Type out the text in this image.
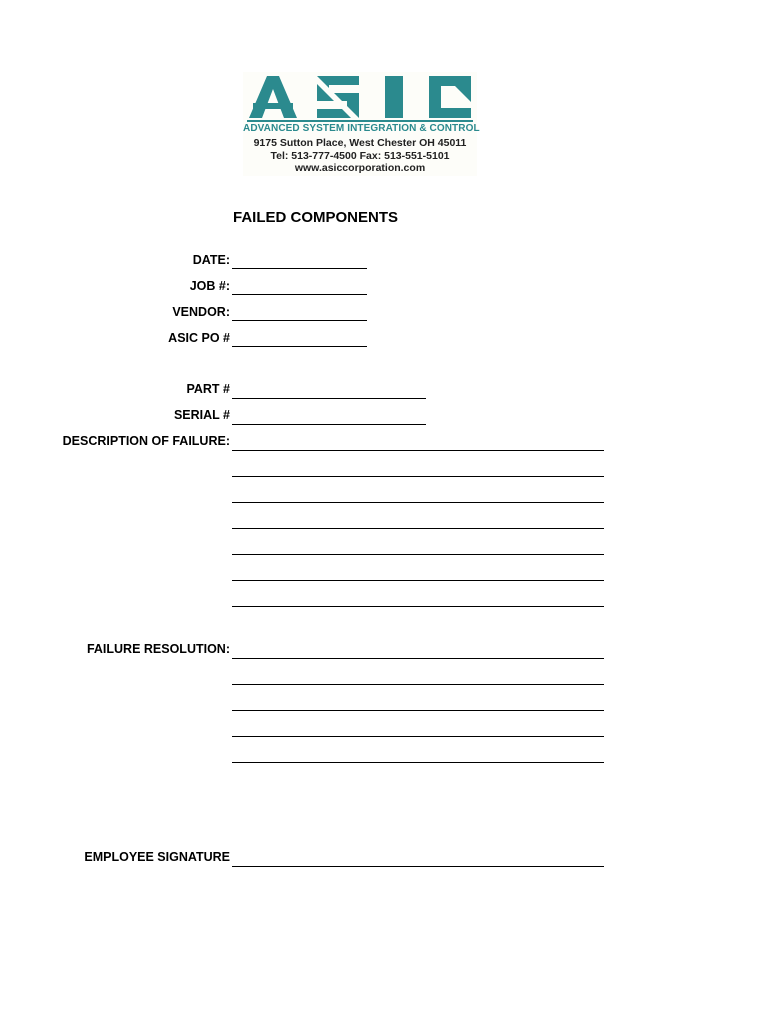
ADVANCED SYSTEM INTEGRATION & CONTROL
9175 Sutton Place, West Chester OH 45011
Tel: 513-777-4500 Fax: 513-551-5101
www.asiccorporation.com
FAILED COMPONENTS
DATE:
JOB #:
VENDOR:
ASIC PO #
PART #
SERIAL #
DESCRIPTION OF FAILURE:
FAILURE RESOLUTION:
EMPLOYEE SIGNATURE
